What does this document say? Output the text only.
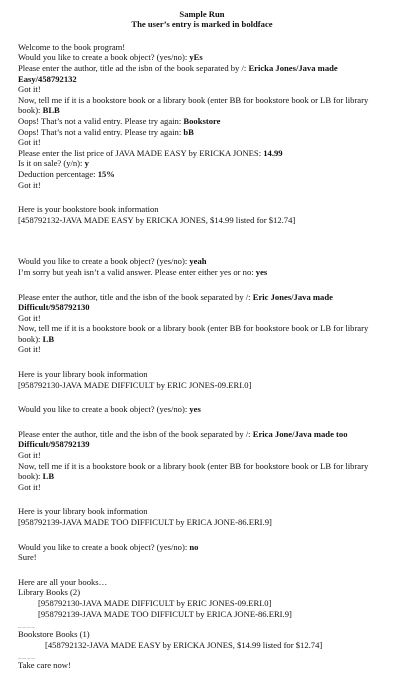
Sample Run
The user’s entry is marked in boldface
Welcome to the book program!
Would you like to create a book object? (yes/no): yEs
Please enter the author, title ad the isbn of the book separated by /: Ericka Jones/Java made Easy/458792132
Got it!
Now, tell me if it is a bookstore book or a library book (enter BB for bookstore book or LB for library book): BLB
Oops! That’s not a valid entry. Please try again: Bookstore
Oops! That’s not a valid entry. Please try again: bB
Got it!
Please enter the list price of JAVA MADE EASY by ERICKA JONES: 14.99
Is it on sale? (y/n): y
Deduction percentage: 15%
Got it!
Here is your bookstore book information
[458792132-JAVA MADE EASY by ERICKA JONES, $14.99 listed for $12.74]
Would you like to create a book object? (yes/no): yeah
I’m sorry but yeah isn’t a valid answer. Please enter either yes or no: yes
Please enter the author, title and the isbn of the book separated by /: Eric Jones/Java made Difficult/958792130
Got it!
Now, tell me if it is a bookstore book or a library book (enter BB for bookstore book or LB for library book): LB
Got it!
Here is your library book information
[958792130-JAVA MADE DIFFICULT by ERIC JONES-09.ERI.0]
Would you like to create a book object? (yes/no): yes
Please enter the author, title and the isbn of the book separated by /: Erica Jone/Java made too Difficult/958792139
Got it!
Now, tell me if it is a bookstore book or a library book (enter BB for bookstore book or LB for library book): LB
Got it!
Here is your library book information
[958792139-JAVA MADE TOO DIFFICULT by ERICA JONE-86.ERI.9]
Would you like to create a book object? (yes/no): no
Sure!
Here are all your books…
Library Books (2)
[958792130-JAVA MADE DIFFICULT by ERIC JONES-09.ERI.0]
[958792139-JAVA MADE TOO DIFFICULT by ERICA JONE-86.ERI.9]
____
Bookstore Books (1)
[458792132-JAVA MADE EASY by ERICKA JONES, $14.99 listed for $12.74]
____
Take care now!
